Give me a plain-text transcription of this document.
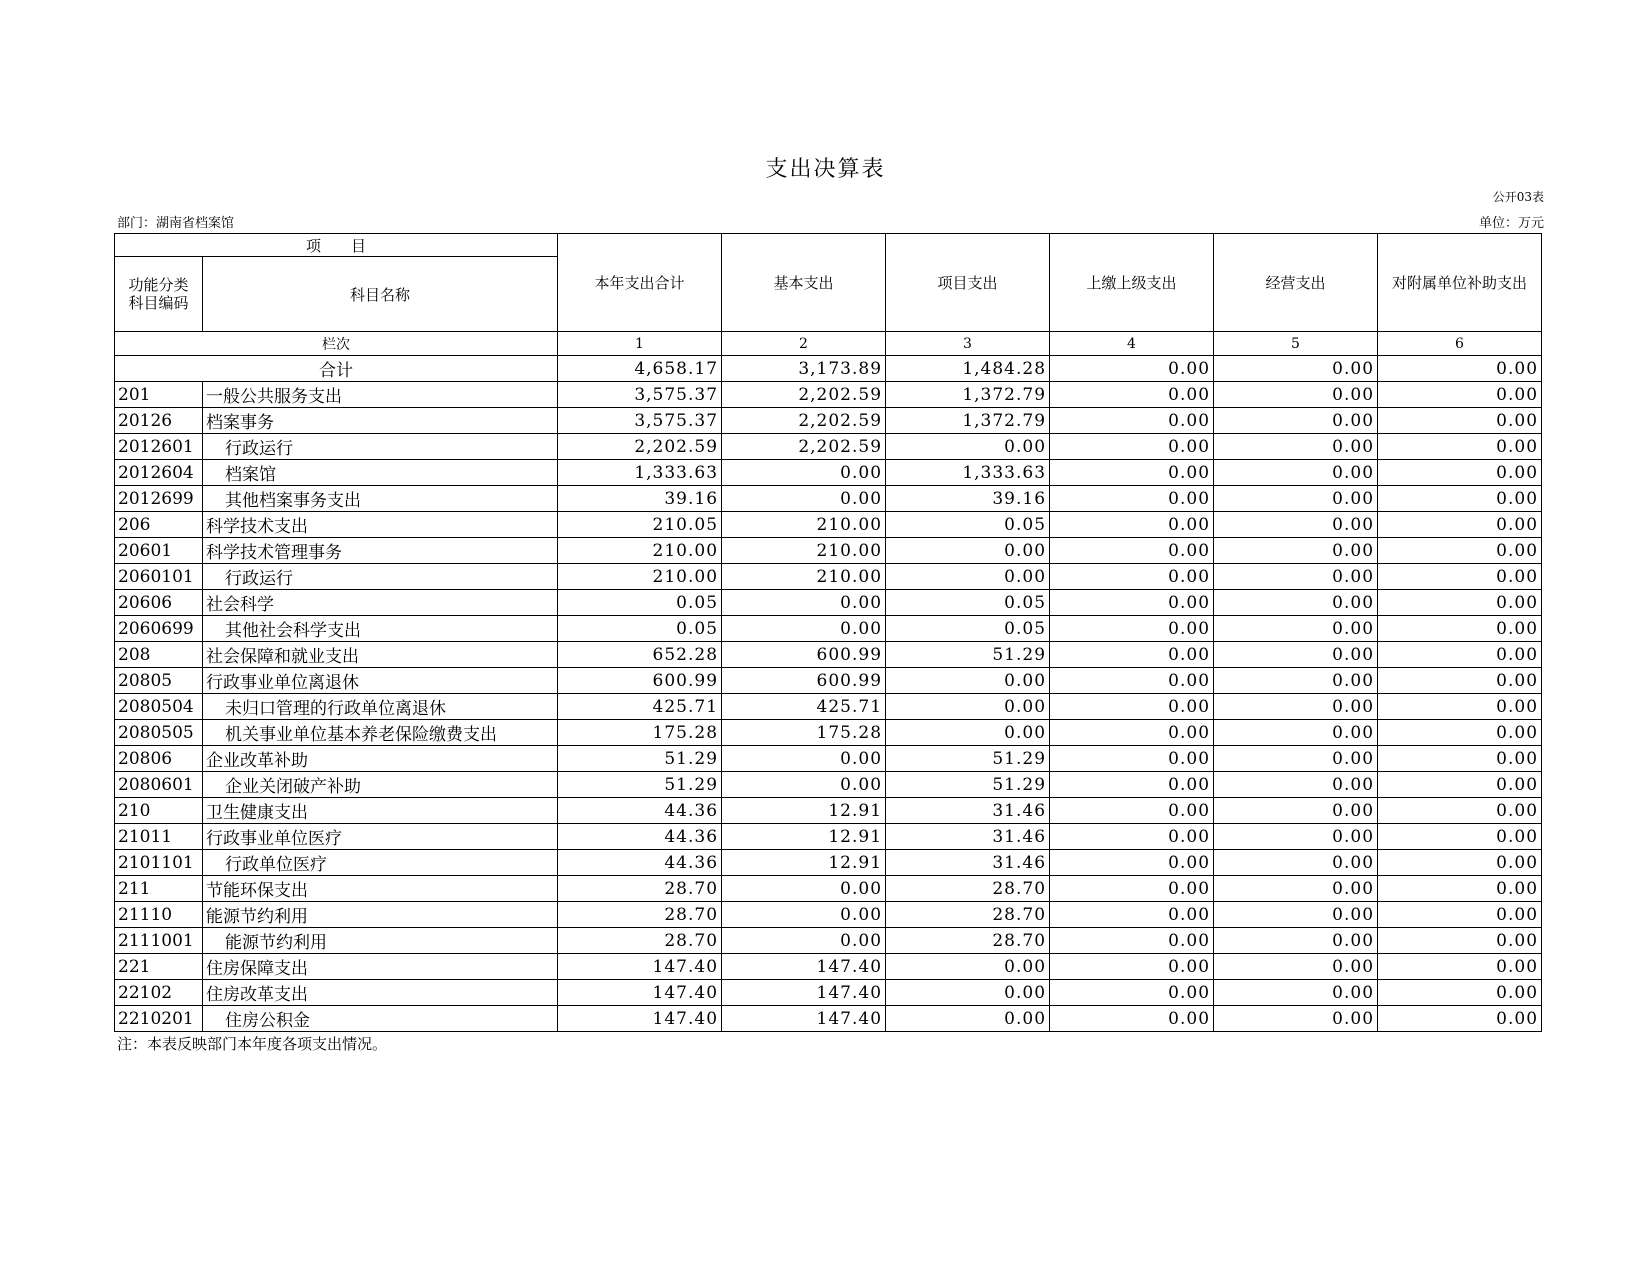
支出决算表
公开03表
部门：湖南省档案馆	单位：万元
项　　目		本年支出合计	基本支出	项目支出	上缴上级支出	经营支出	对附属单位补助支出
功能分类
科目编码	科目名称						
栏次		1	2	3	4	5	6
合计		4,658.17	3,173.89	1,484.28	0.00	0.00	0.00
201	一般公共服务支出	3,575.37	2,202.59	1,372.79	0.00	0.00	0.00
20126	档案事务	3,575.37	2,202.59	1,372.79	0.00	0.00	0.00
2012601	行政运行	2,202.59	2,202.59	0.00	0.00	0.00	0.00
2012604	档案馆	1,333.63	0.00	1,333.63	0.00	0.00	0.00
2012699	其他档案事务支出	39.16	0.00	39.16	0.00	0.00	0.00
206	科学技术支出	210.05	210.00	0.05	0.00	0.00	0.00
20601	科学技术管理事务	210.00	210.00	0.00	0.00	0.00	0.00
2060101	行政运行	210.00	210.00	0.00	0.00	0.00	0.00
20606	社会科学	0.05	0.00	0.05	0.00	0.00	0.00
2060699	其他社会科学支出	0.05	0.00	0.05	0.00	0.00	0.00
208	社会保障和就业支出	652.28	600.99	51.29	0.00	0.00	0.00
20805	行政事业单位离退休	600.99	600.99	0.00	0.00	0.00	0.00
2080504	未归口管理的行政单位离退休	425.71	425.71	0.00	0.00	0.00	0.00
2080505	机关事业单位基本养老保险缴费支出	175.28	175.28	0.00	0.00	0.00	0.00
20806	企业改革补助	51.29	0.00	51.29	0.00	0.00	0.00
2080601	企业关闭破产补助	51.29	0.00	51.29	0.00	0.00	0.00
210	卫生健康支出	44.36	12.91	31.46	0.00	0.00	0.00
21011	行政事业单位医疗	44.36	12.91	31.46	0.00	0.00	0.00
2101101	行政单位医疗	44.36	12.91	31.46	0.00	0.00	0.00
211	节能环保支出	28.70	0.00	28.70	0.00	0.00	0.00
21110	能源节约利用	28.70	0.00	28.70	0.00	0.00	0.00
2111001	能源节约利用	28.70	0.00	28.70	0.00	0.00	0.00
221	住房保障支出	147.40	147.40	0.00	0.00	0.00	0.00
22102	住房改革支出	147.40	147.40	0.00	0.00	0.00	0.00
2210201	住房公积金	147.40	147.40	0.00	0.00	0.00	0.00
注：本表反映部门本年度各项支出情况。
